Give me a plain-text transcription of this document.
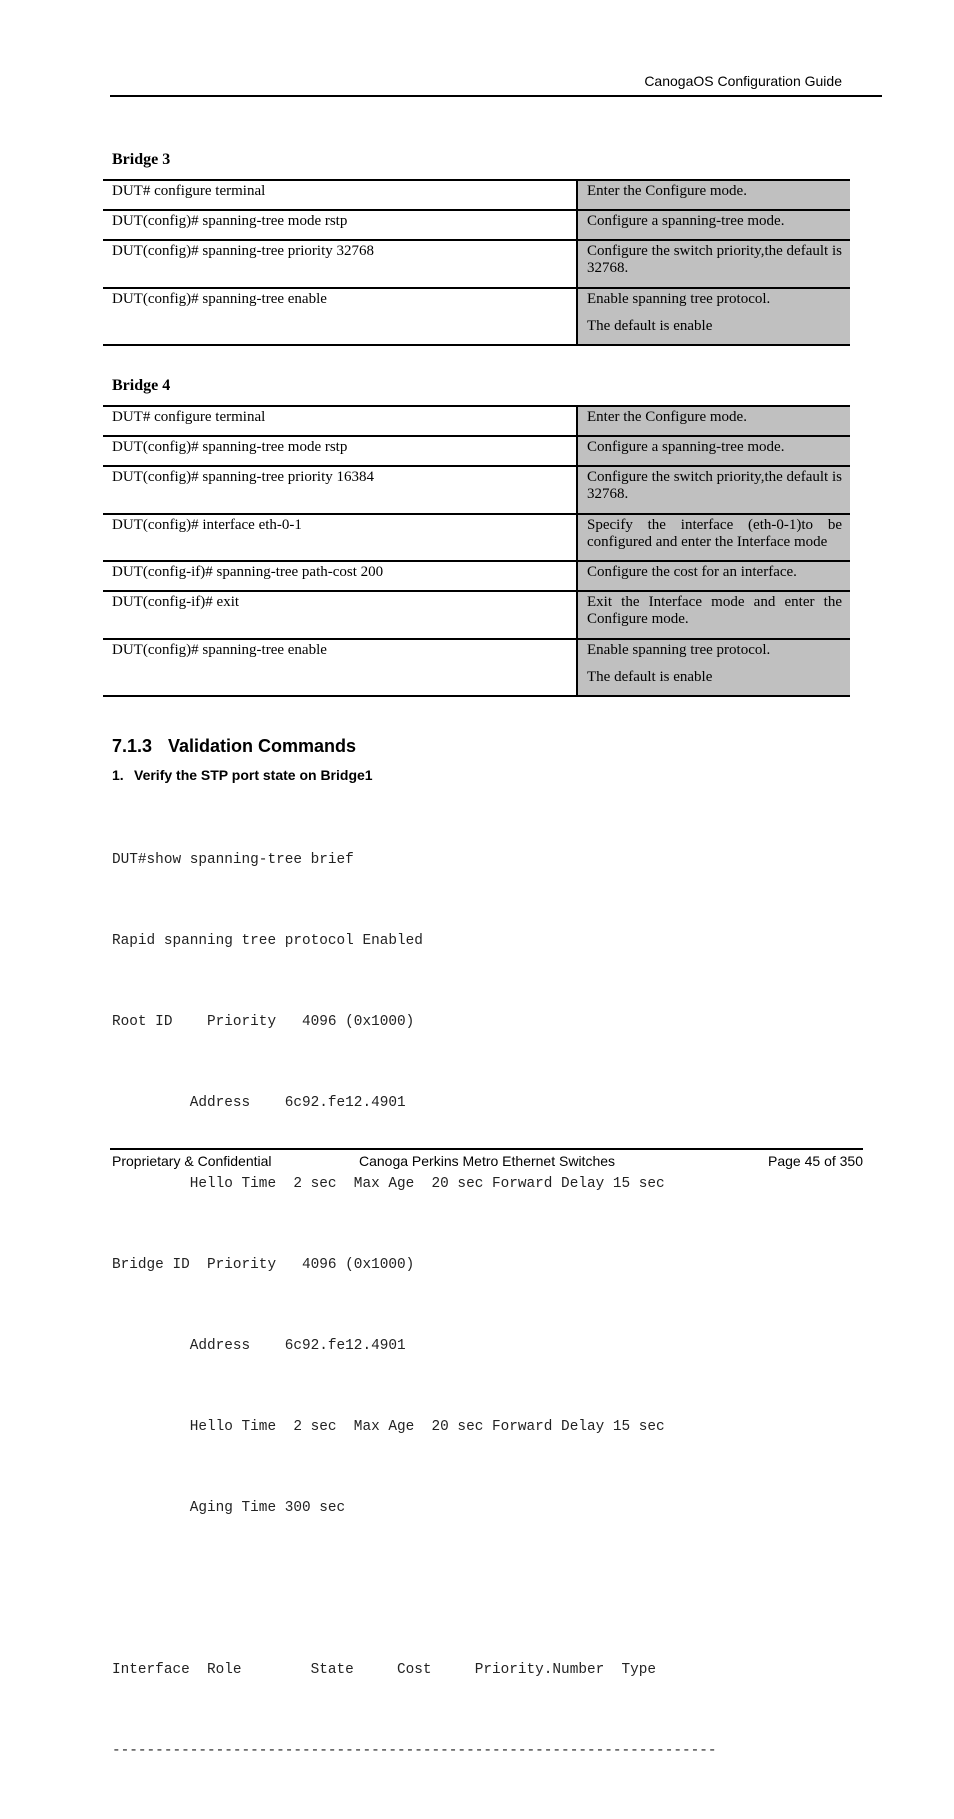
CanogaOS Configuration Guide
Bridge 3
DUT# configure terminal	Enter the Configure mode.
DUT(config)# spanning-tree mode rstp	Configure a spanning-tree mode.
DUT(config)# spanning-tree priority 32768	Configure the switch priority,the default is 32768.
DUT(config)# spanning-tree enable	Enable spanning tree protocol.
The default is enable
Bridge 4
DUT# configure terminal	Enter the Configure mode.
DUT(config)# spanning-tree mode rstp	Configure a spanning-tree mode.
DUT(config)# spanning-tree priority 16384	Configure the switch priority,the default is 32768.
DUT(config)# interface eth-0-1	Specify the interface (eth-0-1)to be configured and enter the Interface mode
DUT(config-if)# spanning-tree path-cost 200	Configure the cost for an interface.
DUT(config-if)# exit	Exit the Interface mode and enter the Configure mode.
DUT(config)# spanning-tree enable	Enable spanning tree protocol.
The default is enable
7.1.3 Validation Commands
1. Verify the STP port state on Bridge1

DUT#show spanning-tree brief

Rapid spanning tree protocol Enabled

Root ID    Priority   4096 (0x1000)

Address    6c92.fe12.4901

Hello Time  2 sec  Max Age  20 sec Forward Delay 15 sec

Bridge ID  Priority   4096 (0x1000)

Address    6c92.fe12.4901

Hello Time  2 sec  Max Age  20 sec Forward Delay 15 sec

Aging Time 300 sec

Interface  Role        State     Cost     Priority.Number  Type

----------------------------------------------------------------------

Proprietary & Confidential	Canoga Perkins Metro Ethernet Switches	Page 45 of 350
